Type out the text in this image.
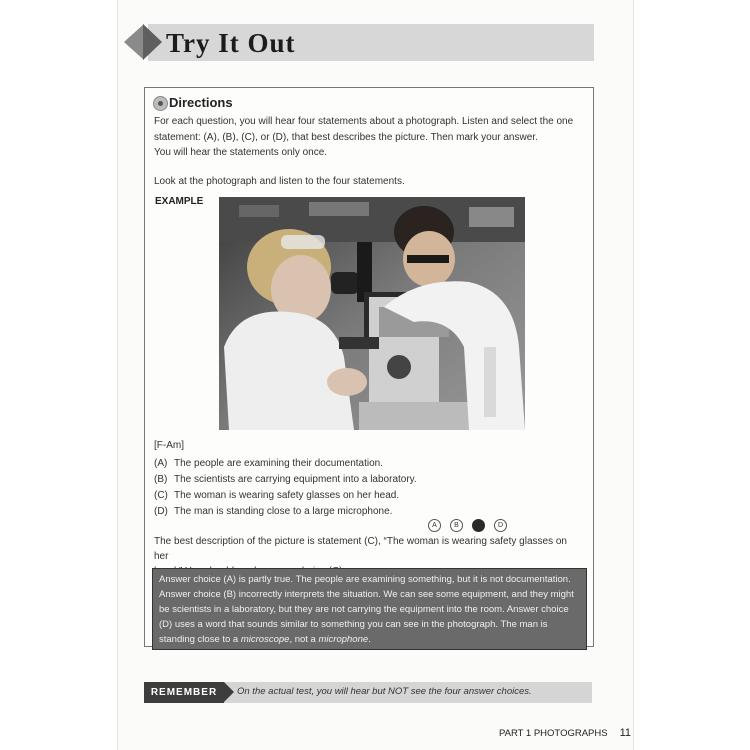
Try It Out
Directions
For each question, you will hear four statements about a photograph. Listen and select the one
statement: (A), (B), (C), or (D), that best describes the picture. Then mark your answer.
You will hear the statements only once.
Look at the photograph and listen to the four statements.
EXAMPLE
[F-Am]
(A) The people are examining their documentation.
(B) The scientists are carrying equipment into a laboratory.
(C) The woman is wearing safety glasses on her head.
(D) The man is standing close to a large microphone.
A	B	D
The best description of the picture is statement (C), “The woman is wearing safety glasses on her
Answer choice (A) is partly true. The people are examining something, but it is not documentation.
Answer choice (B) incorrectly interprets the situation. We can see some equipment, and they might
be scientists in a laboratory, but they are not carrying the equipment into the room. Answer choice
(D) uses a word that sounds similar to something you can see in the photograph. The man is
standing close to a microscope, not a microphone.
REMEMBER	On the actual test, you will hear but NOT see the four answer choices.
PART 1 PHOTOGRAPHS 11
